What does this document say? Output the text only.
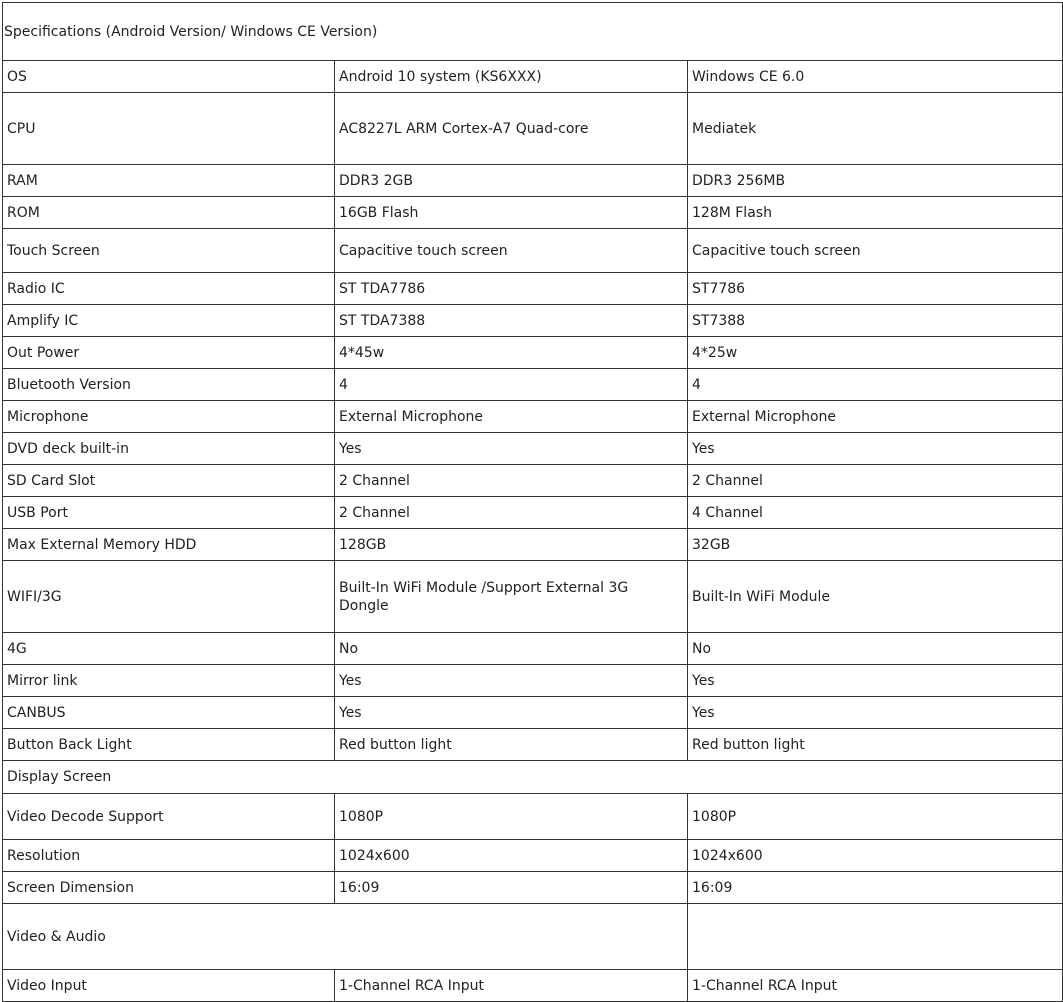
Specifications (Android Version/ Windows CE Version)		
OS	Android 10 system (KS6XXX)	Windows CE 6.0
CPU	AC8227L ARM Cortex-A7 Quad-core	Mediatek
RAM	DDR3 2GB	DDR3 256MB
ROM	16GB Flash	128M Flash
Touch Screen	Capacitive touch screen	Capacitive touch screen
Radio IC	ST TDA7786	ST7786
Amplify IC	ST TDA7388	ST7388
Out Power	4*45w	4*25w
Bluetooth Version	4	4
Microphone	External Microphone	External Microphone
DVD deck built-in	Yes	Yes
SD Card Slot	2 Channel	2 Channel
USB Port	2 Channel	4 Channel
Max External Memory HDD	128GB	32GB
WIFI/3G	Built-In WiFi Module /Support External 3G Dongle	Built-In WiFi Module
4G	No	No
Mirror link	Yes	Yes
CANBUS	Yes	Yes
Button Back Light	Red button light	Red button light
Display Screen		
Video Decode Support	1080P	1080P
Resolution	1024x600	1024x600
Screen Dimension	16:09	16:09
Video & Audio		
Video Input	1-Channel RCA Input	1-Channel RCA Input
